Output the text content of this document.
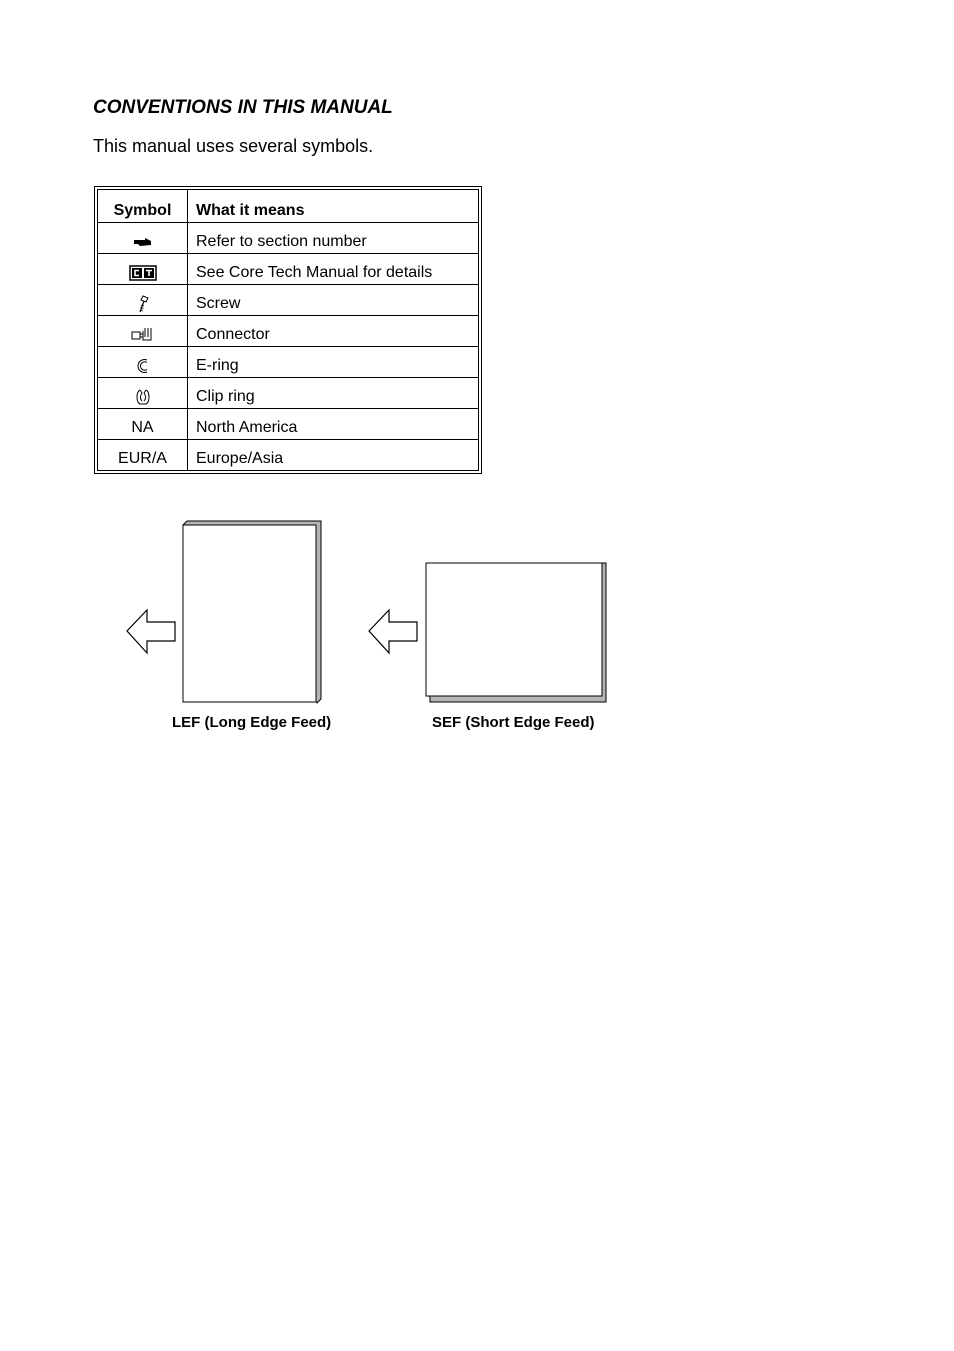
CONVENTIONS IN THIS MANUAL

This manual uses several symbols.

Symbol	What it means
	Refer to section number
	See Core Tech Manual for details
	Screw
	Connector
	E-ring
	Clip ring
NA	North America
EUR/A	Europe/Asia
LEF (Long Edge Feed)	SEF (Short Edge Feed)
